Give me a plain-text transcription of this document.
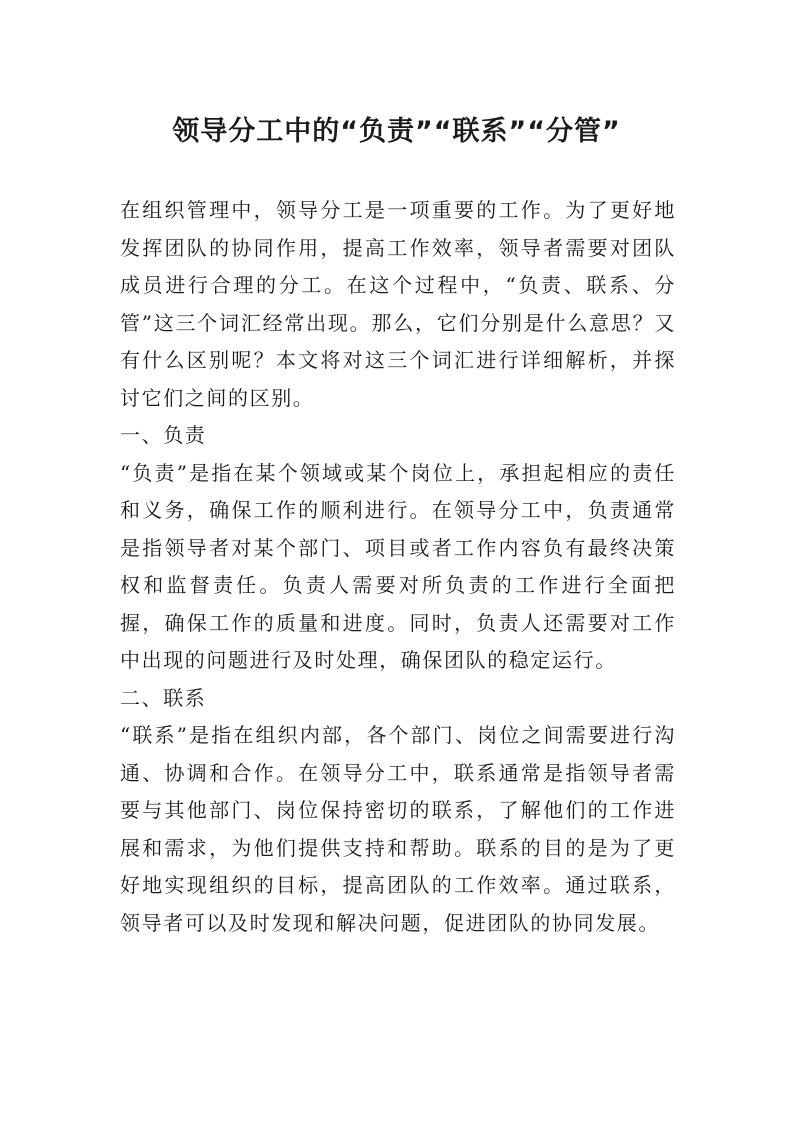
领导分工中的“负责”“联系”“分管”

在组织管理中，领导分工是一项重要的工作。为了更好地发挥团队的协同作用，提高工作效率，领导者需要对团队成员进行合理的分工。在这个过程中，“负责、联系、分管”这三个词汇经常出现。那么，它们分别是什么意思？又有什么区别呢？本文将对这三个词汇进行详细解析，并探讨它们之间的区别。

一、负责

“负责”是指在某个领域或某个岗位上，承担起相应的责任和义务，确保工作的顺利进行。在领导分工中，负责通常是指领导者对某个部门、项目或者工作内容负有最终决策权和监督责任。负责人需要对所负责的工作进行全面把握，确保工作的质量和进度。同时，负责人还需要对工作中出现的问题进行及时处理，确保团队的稳定运行。

二、联系

“联系”是指在组织内部，各个部门、岗位之间需要进行沟通、协调和合作。在领导分工中，联系通常是指领导者需要与其他部门、岗位保持密切的联系，了解他们的工作进展和需求，为他们提供支持和帮助。联系的目的是为了更好地实现组织的目标，提高团队的工作效率。通过联系，领导者可以及时发现和解决问题，促进团队的协同发展。
